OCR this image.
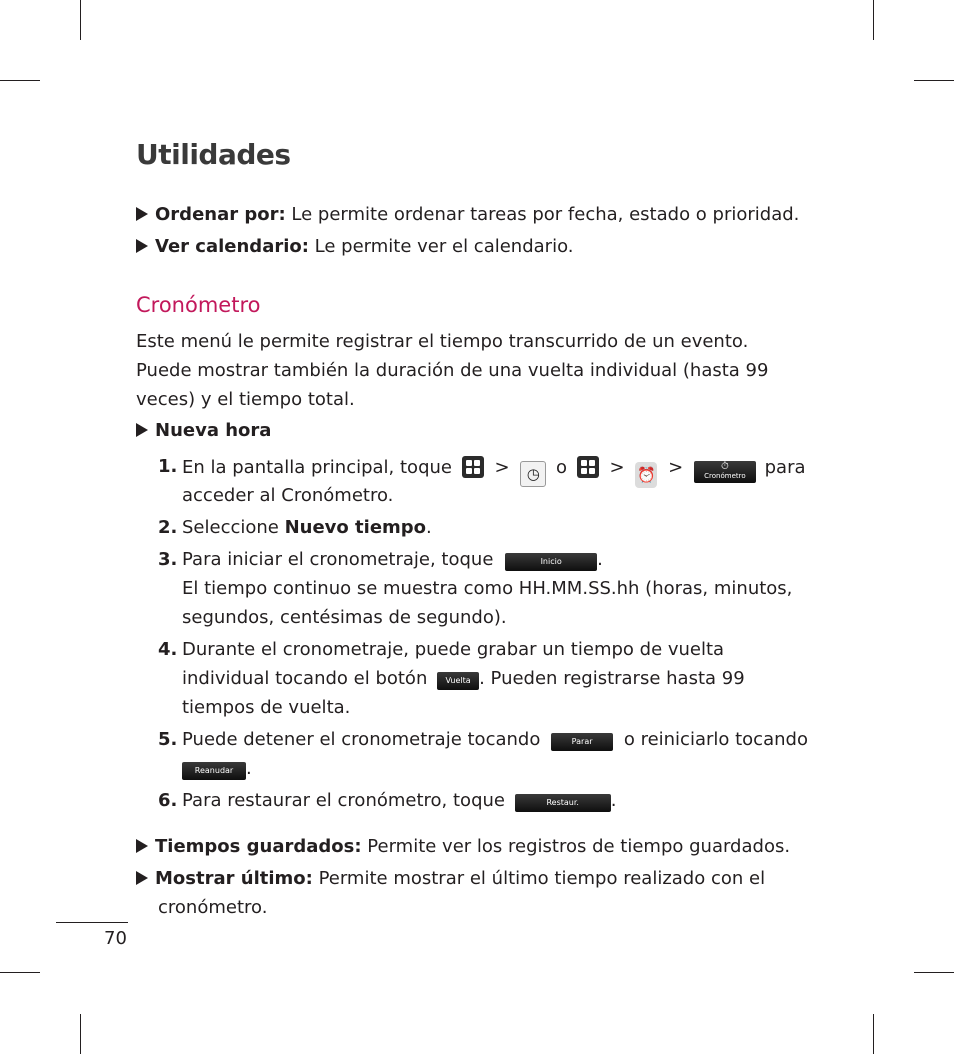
Utilidades
Ordenar por: Le permite ordenar tareas por fecha, estado o prioridad.
Ver calendario: Le permite ver el calendario.
Cronómetro
Este menú le permite registrar el tiempo transcurrido de un evento.
Puede mostrar también la duración de una vuelta individual (hasta 99
veces) y el tiempo total.
Nueva hora
1. En la pantalla principal, toque > ◷ o > ⏰ >	⏱
Cronómetro para
acceder al Cronómetro.
2. Seleccione Nuevo tiempo.
3. Para iniciar el cronometraje, toque	Inicio .
El tiempo continuo se muestra como HH.MM.SS.hh (horas, minutos,
segundos, centésimas de segundo).
4. Durante el cronometraje, puede grabar un tiempo de vuelta
individual tocando el botón Vuelta . Pueden registrarse hasta 99
tiempos de vuelta.
5. Puede detener el cronometraje tocando	Parar o reiniciarlo tocando
Reanudar .
6. Para restaurar el cronómetro, toque	Restaur. .
Tiempos guardados: Permite ver los registros de tiempo guardados.
Mostrar último: Permite mostrar el último tiempo realizado con el
cronómetro.
70
